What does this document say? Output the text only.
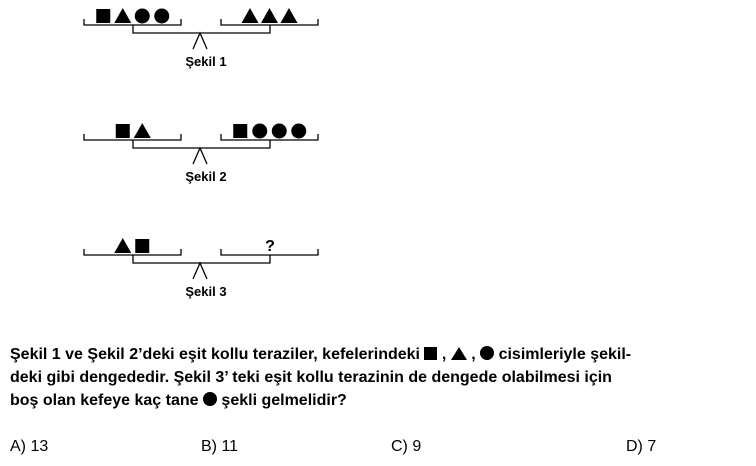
Şekil 1
Şekil 2
?
Şekil 3
Şekil 1 ve Şekil 2’deki eşit kollu teraziler, kefelerindeki  ,  ,  cisimleriyle şekil-
deki gibi dengededir. Şekil 3’ teki eşit kollu terazinin de dengede olabilmesi için
boş olan kefeye kaç tane  şekli gelmelidir?
A) 13	B) 11	C) 9	D) 7
